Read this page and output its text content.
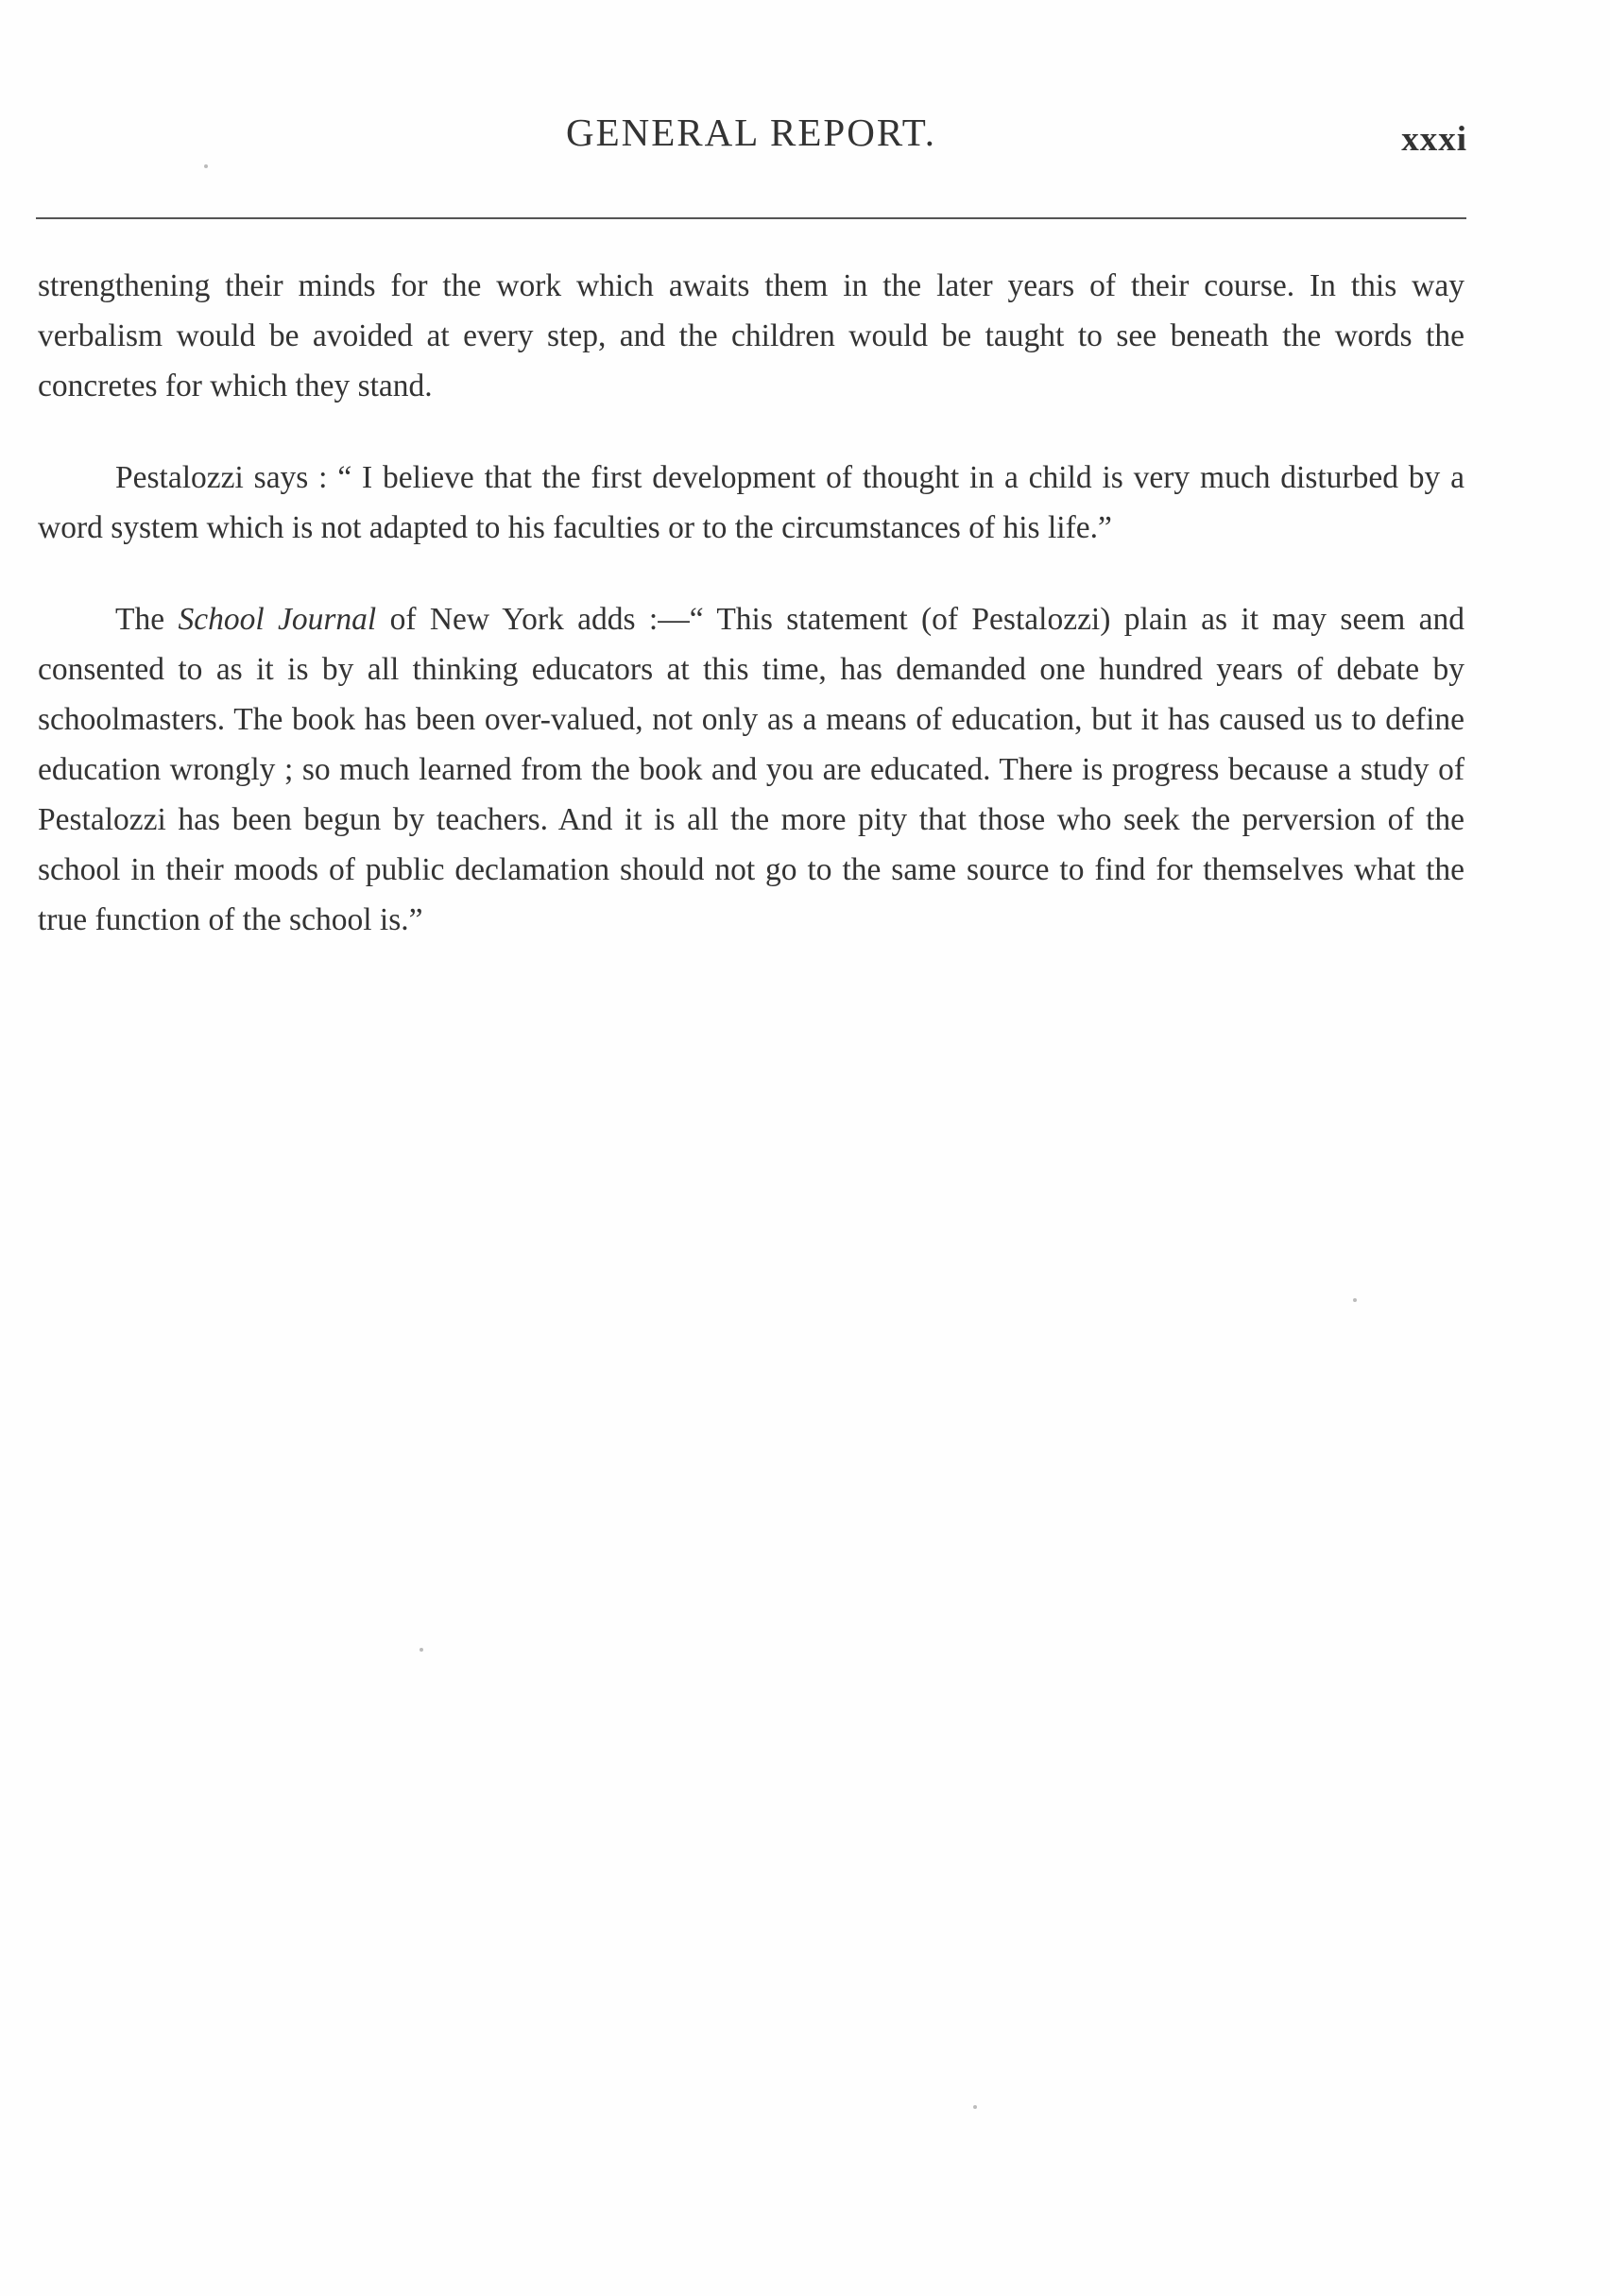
GENERAL REPORT.	xxxi

strengthening their minds for the work which awaits them in the later years of their course. In this way verbalism would be avoided at every step, and the children would be taught to see beneath the words the concretes for which they stand.

Pestalozzi says : “ I believe that the first development of thought in a child is very much disturbed by a word system which is not adapted to his faculties or to the circumstances of his life.”

The School Journal of New York adds :—“ This statement (of Pestalozzi) plain as it may seem and consented to as it is by all thinking educators at this time, has demanded one hundred years of debate by schoolmasters. The book has been over-valued, not only as a means of education, but it has caused us to define education wrongly ; so much learned from the book and you are educated. There is progress because a study of Pestalozzi has been begun by teachers. And it is all the more pity that those who seek the perversion of the school in their moods of public declamation should not go to the same source to find for themselves what the true function of the school is.”
